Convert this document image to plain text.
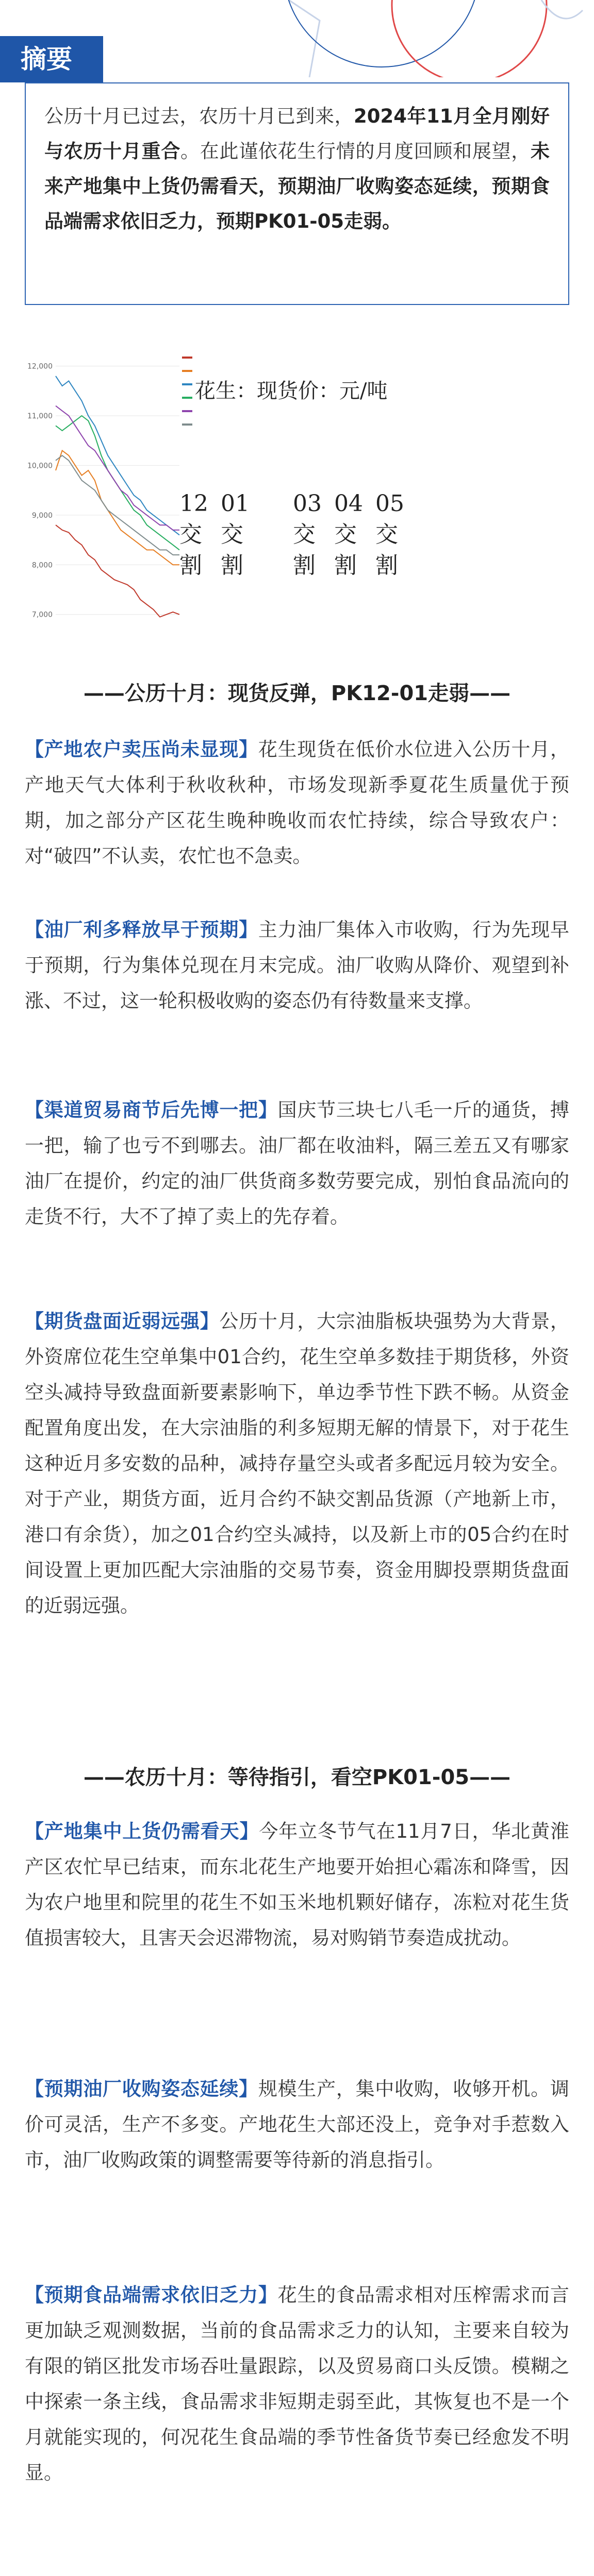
摘要
公历十月已过去，农历十月已到来，2024年11月全月刚好与农历十月重合。在此谨依花生行情的月度回顾和展望，未来产地集中上货仍需看天，预期油厂收购姿态延续，预期食品端需求依旧乏力，预期PK01-05走弱。
12,000
11,000
10,000
9,000
8,000
7,000
花生：现货价：元/吨
12
交
割
01
交
割
03
交
割
04
交
割
05
交
割
——公历十月：现货反弹，PK12-01走弱——

【产地农户卖压尚未显现】花生现货在低价水位进入公历十月，产地天气大体利于秋收秋种，市场发现新季夏花生质量优于预期，加之部分产区花生晚种晚收而农忙持续，综合导致农户：对“破四”不认卖，农忙也不急卖。

【油厂利多释放早于预期】主力油厂集体入市收购，行为先现早于预期，行为集体兑现在月末完成。油厂收购从降价、观望到补涨、不过，这一轮积极收购的姿态仍有待数量来支撑。

【渠道贸易商节后先博一把】国庆节三块七八毛一斤的通货，搏一把，输了也亏不到哪去。油厂都在收油料，隔三差五又有哪家油厂在提价，约定的油厂供货商多数劳要完成，别怕食品流向的走货不行，大不了掉了卖上的先存着。

【期货盘面近弱远强】公历十月，大宗油脂板块强势为大背景，外资席位花生空单集中01合约，花生空单多数挂于期货移，外资空头减持导致盘面新要素影响下，单边季节性下跌不畅。从资金配置角度出发，在大宗油脂的利多短期无解的情景下，对于花生这种近月多安数的品种，减持存量空头或者多配远月较为安全。对于产业，期货方面，近月合约不缺交割品货源（产地新上市，港口有余货），加之01合约空头减持，以及新上市的05合约在时间设置上更加匹配大宗油脂的交易节奏，资金用脚投票期货盘面的近弱远强。

——农历十月：等待指引，看空PK01-05——

【产地集中上货仍需看天】今年立冬节气在11月7日，华北黄淮产区农忙早已结束，而东北花生产地要开始担心霜冻和降雪，因为农户地里和院里的花生不如玉米地机颗好储存，冻粒对花生货值损害较大，且害天会迟滞物流，易对购销节奏造成扰动。

【预期油厂收购姿态延续】规模生产，集中收购，收够开机。调价可灵活，生产不多变。产地花生大部还没上，竞争对手惹数入市，油厂收购政策的调整需要等待新的消息指引。

【预期食品端需求依旧乏力】花生的食品需求相对压榨需求而言更加缺乏观测数据，当前的食品需求乏力的认知，主要来自较为有限的销区批发市场吞吐量跟踪，以及贸易商口头反馈。模糊之中探索一条主线，食品需求非短期走弱至此，其恢复也不是一个月就能实现的，何况花生食品端的季节性备货节奏已经愈发不明显。
